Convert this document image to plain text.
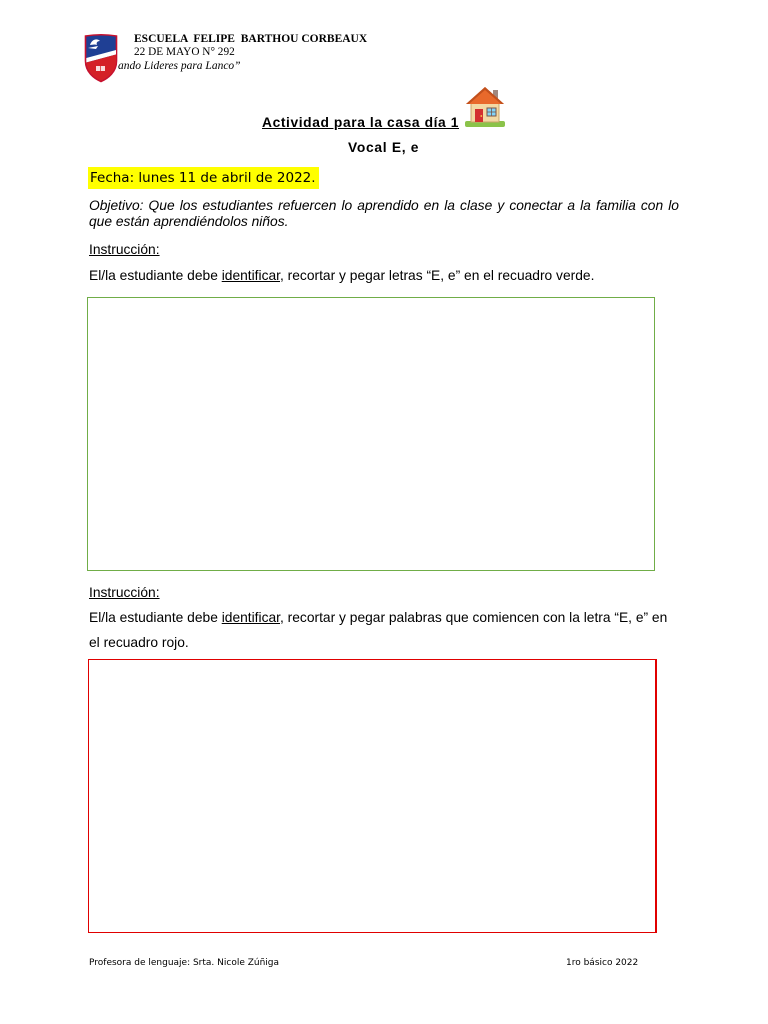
ESCUELA  FELIPE  BARTHOU CORBEAUX
22 DE MAYO N° 292
ando Lideres para Lanco”
Actividad para la casa día 1
Vocal E, e
Fecha: lunes 11 de abril de 2022.

Objetivo: Que los estudiantes refuercen lo aprendido en la clase y conectar a la familia con lo que están aprendiéndolos niños.

Instrucción:

El/la estudiante debe identificar, recortar y pegar letras “E, e” en el recuadro verde.

Instrucción:

El/la estudiante debe identificar, recortar y pegar palabras que comiencen con la letra “E, e” en el recuadro rojo.

Profesora de lenguaje: Srta. Nicole Zúñiga	1ro básico 2022
